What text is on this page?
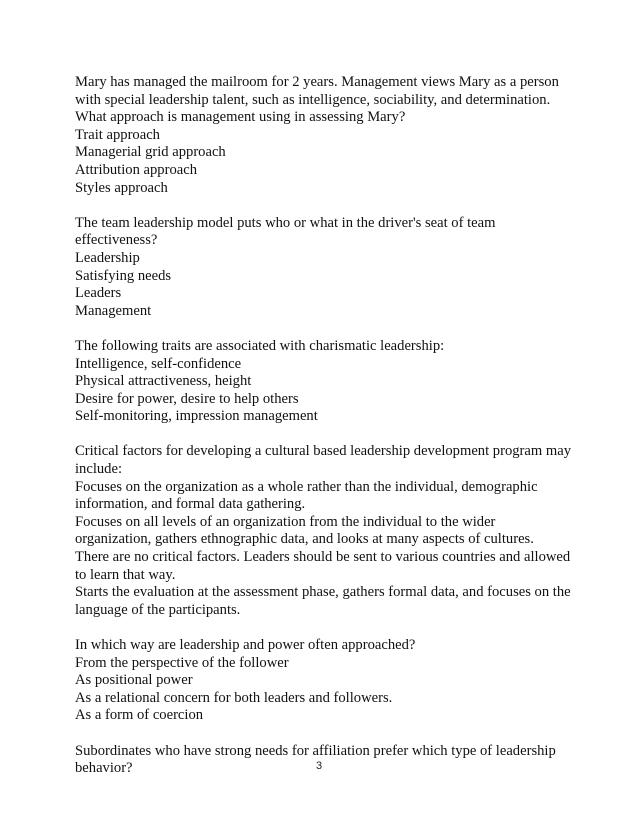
Mary has managed the mailroom for 2 years. Management views Mary as a person with special leadership talent, such as intelligence, sociability, and determination. What approach is management using in assessing Mary?

Trait approach
Managerial grid approach
Attribution approach
Styles approach

The team leadership model puts who or what in the driver's seat of team effectiveness?

Leadership
Satisfying needs
Leaders
Management

The following traits are associated with charismatic leadership:

Intelligence, self-confidence
Physical attractiveness, height
Desire for power, desire to help others
Self-monitoring, impression management

Critical factors for developing a cultural based leadership development program may include:

Focuses on the organization as a whole rather than the individual, demographic information, and formal data gathering.
Focuses on all levels of an organization from the individual to the wider organization, gathers ethnographic data, and looks at many aspects of cultures.
There are no critical factors. Leaders should be sent to various countries and allowed to learn that way.
Starts the evaluation at the assessment phase, gathers formal data, and focuses on the language of the participants.

In which way are leadership and power often approached?

From the perspective of the follower
As positional power
As a relational concern for both leaders and followers.
As a form of coercion

Subordinates who have strong needs for affiliation prefer which type of leadership behavior?	3
